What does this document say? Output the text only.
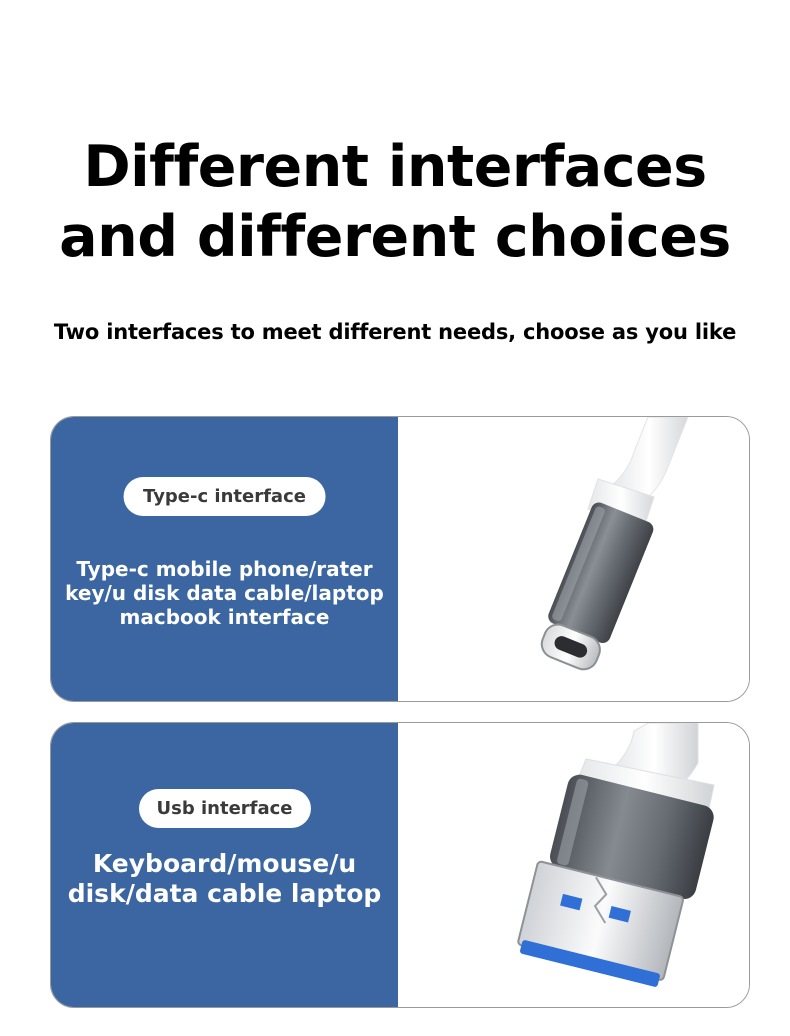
Different interfaces
and different choices
Two interfaces to meet different needs, choose as you like
Type-c interface
Type-c mobile phone/rater key/u disk data cable/laptop macbook interface
Usb interface
Keyboard/mouse/u disk/data cable laptop
